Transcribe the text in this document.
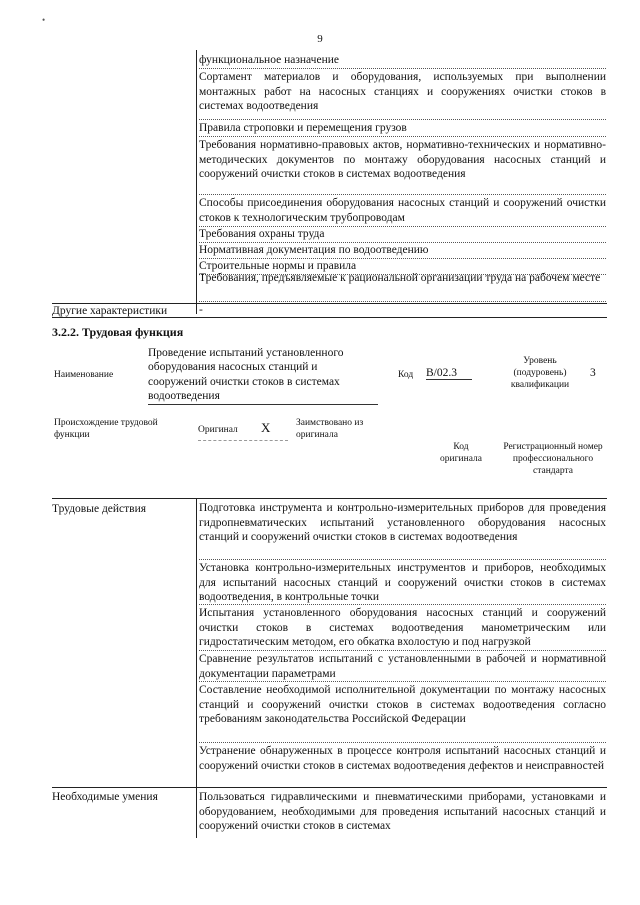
•
9
функциональное назначение
Сортамент материалов и оборудования, используемых при выполнении монтажных работ на насосных станциях и сооружениях очистки стоков в системах водоотведения
Правила строповки и перемещения грузов
Требования нормативно-правовых актов, нормативно-технических и нормативно-методических документов по монтажу оборудования насосных станций и сооружений очистки стоков в системах водоотведения
Способы присоединения оборудования насосных станций и сооружений очистки стоков к технологическим трубопроводам
Требования охраны труда
Нормативная документация по водоотведению
Строительные нормы и правила
Требования, предъявляемые к рациональной организации труда на рабочем месте
Другие характеристики	-
3.2.2. Трудовая функция
Наименование
Проведение испытаний установленного оборудования насосных станций и сооружений очистки стоков в системах водоотведения
Код B/02.3
Уровень (подуровень) квалификации
3
Происхождение трудовой функции	Оригинал X	Заимствовано из оригинала
Код оригинала
Регистрационный номер профессионального стандарта
Трудовые действия	Подготовка инструмента и контрольно-измерительных приборов для проведения гидропневматических испытаний установленного оборудования насосных станций и сооружений очистки стоков в системах водоотведения
Установка контрольно-измерительных инструментов и приборов, необходимых для испытаний насосных станций и сооружений очистки стоков в системах водоотведения, в контрольные точки
Испытания установленного оборудования насосных станций и сооружений очистки стоков в системах водоотведения манометрическим или гидростатическим методом, его обкатка вхолостую и под нагрузкой
Сравнение результатов испытаний с установленными в рабочей и нормативной документации параметрами
Составление необходимой исполнительной документации по монтажу насосных станций и сооружений очистки стоков в системах водоотведения согласно требованиям законодательства Российской Федерации
Устранение обнаруженных в процессе контроля испытаний насосных станций и сооружений очистки стоков в системах водоотведения дефектов и неисправностей
Необходимые умения	Пользоваться гидравлическими и пневматическими приборами, установками и оборудованием, необходимыми для проведения испытаний насосных станций и сооружений очистки стоков в системах
